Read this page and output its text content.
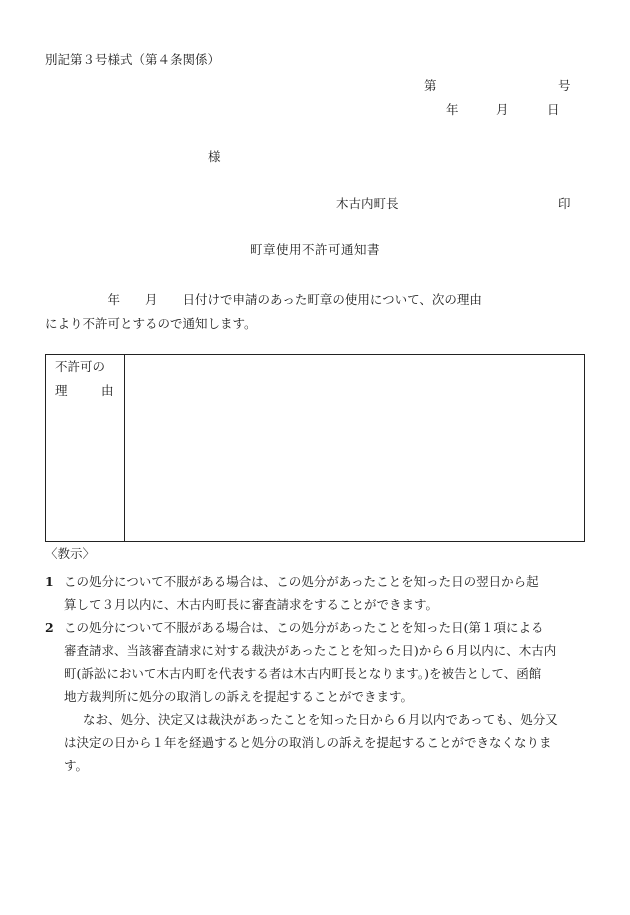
別記第３号様式（第４条関係）
第	号
年	月	日
様
木古内町長	印
町章使用不許可通知書
　　　　　年　　月　　日付けで申請のあった町章の使用について、次の理由
により不許可とするので通知します。
不許可の
理	由
〈教示〉
1 この処分について不服がある場合は、この処分があったことを知った日の翌日から起
算して３月以内に、木古内町長に審査請求をすることができます。
2 この処分について不服がある場合は、この処分があったことを知った日(第１項による
審査請求、当該審査請求に対する裁決があったことを知った日)から６月以内に、木古内
町(訴訟において木古内町を代表する者は木古内町長となります。)を被告として、函館
地方裁判所に処分の取消しの訴えを提起することができます。
なお、処分、決定又は裁決があったことを知った日から６月以内であっても、処分又
は決定の日から１年を経過すると処分の取消しの訴えを提起することができなくなりま
す。
